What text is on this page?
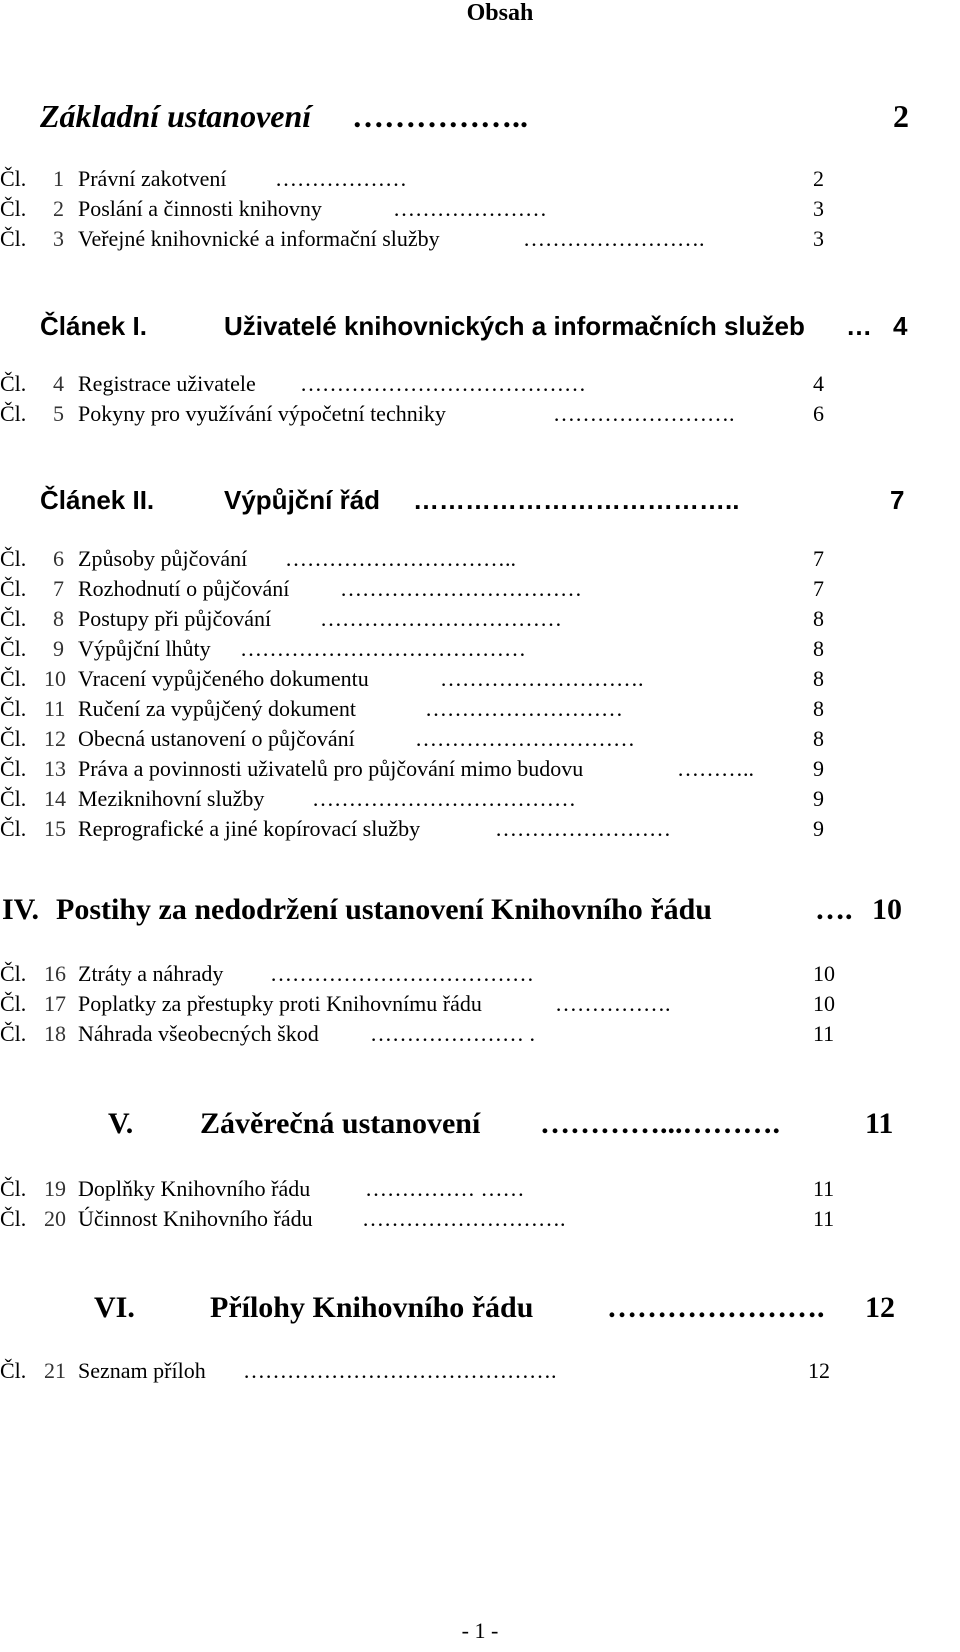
Obsah
Základní ustanovení ……………..	2
Čl.	1 Právní zakotvení ………………	2
Čl.	2 Poslání a činnosti knihovny	…………………	3
Čl.	3 Veřejné knihovnické a informační služby	…………………….	3
Článek I.	Uživatelé knihovnických a informačních služeb … 4
Čl.	4 Registrace uživatele …………………………………	4
Čl.	5 Pokyny pro využívání výpočetní techniky	…………………….	6
Článek II.	Výpůjční řád ………………………………..	7
Čl.	6 Způsoby půjčování …………………………..	7
Čl.	7 Rozhodnutí o půjčování ……………………………	7
Čl.	8 Postupy při půjčování ……………………………	8
Čl.	9 Výpůjční lhůty …………………………………	8
Čl. 10 Vracení vypůjčeného dokumentu	……………………….	8
Čl. 11 Ručení za vypůjčený dokument	………………………	8
Čl. 12 Obecná ustanovení o půjčování	…………………………	8
Čl. 13 Práva a povinnosti uživatelů pro půjčování mimo budovu	………..	9
Čl. 14 Meziknihovní služby ………………………………	9
Čl. 15 Reprografické a jiné kopírovací služby	……………………	9
IV. Postihy za nedodržení ustanovení Knihovního řádu	…. 10
Čl. 16 Ztráty a náhrady ………………………………	10
Čl. 17 Poplatky za přestupky proti Knihovnímu řádu	…………….	10
Čl. 18 Náhrada všeobecných škod ………………… .	11
V. Závěrečná ustanovení …………...……….	11
Čl. 19 Doplňky Knihovního řádu …………… ……	11
Čl. 20 Účinnost Knihovního řádu ……………………….	11
VI.	Přílohy Knihovního řádu …………………. 12
Čl. 21 Seznam příloh …………………………………….	12
- 1 -
